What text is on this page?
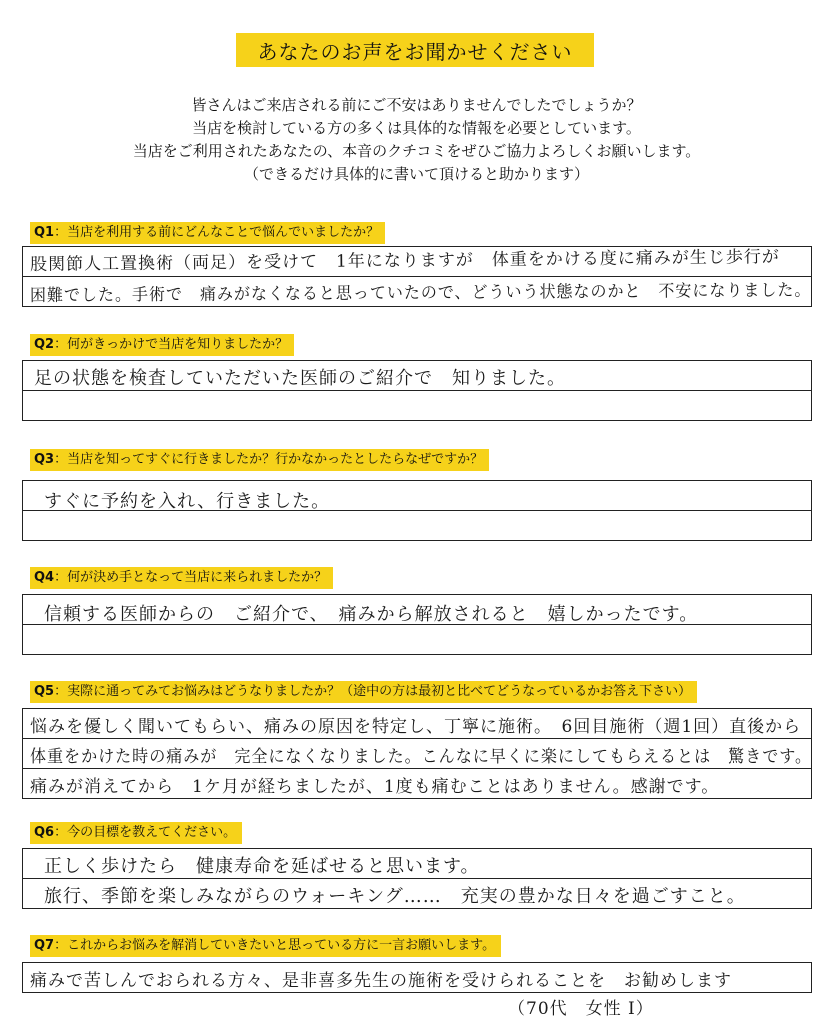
あなたのお声をお聞かせください
皆さんはご来店される前にご不安はありませんでしたでしょうか？
当店を検討している方の多くは具体的な情報を必要としています。
当店をご利用されたあなたの、本音のクチコミをぜひご協力よろしくお願いします。
（できるだけ具体的に書いて頂けると助かります）
Q1：当店を利用する前にどんなことで悩んでいましたか？
股関節人工置換術（両足）を受けて　1年になりますが　体重をかける度に痛みが生じ歩行が
困難でした。手術で　痛みがなくなると思っていたので、どういう状態なのかと　不安になりました。
Q2：何がきっかけで当店を知りましたか？
足の状態を検査していただいた医師のご紹介で　知りました。
Q3：当店を知ってすぐに行きましたか？行かなかったとしたらなぜですか？
すぐに予約を入れ、行きました。
Q4：何が決め手となって当店に来られましたか？
信頼する医師からの　ご紹介で、　痛みから解放されると　嬉しかったです。
Q5：実際に通ってみてお悩みはどうなりましたか？（途中の方は最初と比べてどうなっているかお答え下さい）
悩みを優しく聞いてもらい、痛みの原因を特定し、丁寧に施術。　6回目施術（週1回）直後から
体重をかけた時の痛みが　完全になくなりました。こんなに早くに楽にしてもらえるとは　驚きです。
痛みが消えてから　1ケ月が経ちましたが、1度も痛むことはありません。感謝です。
Q6：今の目標を教えてください。
正しく歩けたら　健康寿命を延ばせると思います。
旅行、季節を楽しみながらのウォーキング……　充実の豊かな日々を過ごすこと。
Q7：これからお悩みを解消していきたいと思っている方に一言お願いします。
痛みで苦しんでおられる方々、是非喜多先生の施術を受けられることを　お勧めします
（70代　女性 I）
